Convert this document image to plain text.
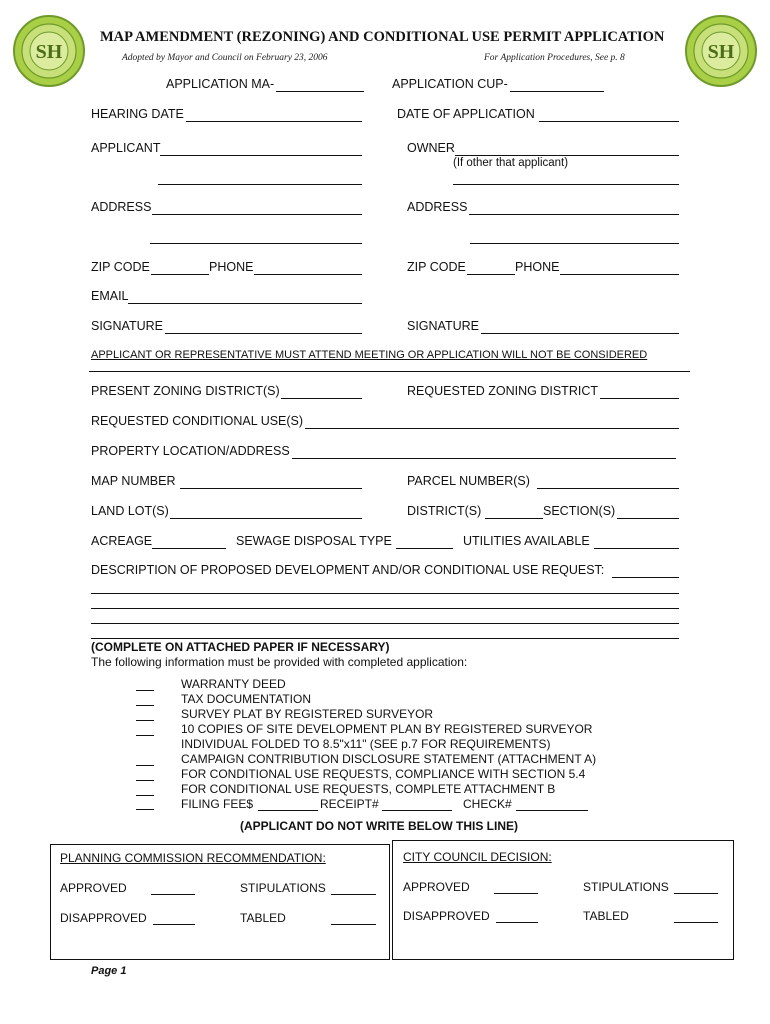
SH	SH
MAP AMENDMENT (REZONING) AND CONDITIONAL USE PERMIT APPLICATION
Adopted by Mayor and Council on February 23, 2006	For Application Procedures, See p. 8
APPLICATION MA-	APPLICATION CUP-
HEARING DATE	DATE OF APPLICATION
APPLICANT	OWNER
(If other that applicant)
ADDRESS	ADDRESS
ZIP CODE	PHONE	ZIP CODE	PHONE
EMAIL
SIGNATURE	SIGNATURE
APPLICANT OR REPRESENTATIVE MUST ATTEND MEETING OR APPLICATION WILL NOT BE CONSIDERED
PRESENT ZONING DISTRICT(S)	REQUESTED ZONING DISTRICT
REQUESTED CONDITIONAL USE(S)
PROPERTY LOCATION/ADDRESS
MAP NUMBER	PARCEL NUMBER(S)
LAND LOT(S)	DISTRICT(S)	SECTION(S)
ACREAGE	SEWAGE DISPOSAL TYPE	UTILITIES AVAILABLE
DESCRIPTION OF PROPOSED DEVELOPMENT AND/OR CONDITIONAL USE REQUEST:
(COMPLETE ON ATTACHED PAPER IF NECESSARY)
The following information must be provided with completed application:
WARRANTY DEED
TAX DOCUMENTATION
SURVEY PLAT BY REGISTERED SURVEYOR
10 COPIES OF SITE DEVELOPMENT PLAN BY REGISTERED SURVEYOR
INDIVIDUAL FOLDED TO 8.5"x11" (SEE p.7 FOR REQUIREMENTS)
CAMPAIGN CONTRIBUTION DISCLOSURE STATEMENT (ATTACHMENT A)
FOR CONDITIONAL USE REQUESTS, COMPLIANCE WITH SECTION 5.4
FOR CONDITIONAL USE REQUESTS, COMPLETE ATTACHMENT B
FILING FEE$	RECEIPT#	CHECK#
(APPLICANT DO NOT WRITE BELOW THIS LINE)
PLANNING COMMISSION RECOMMENDATION:	CITY COUNCIL DECISION:
APPROVED	STIPULATIONS	APPROVED	STIPULATIONS
DISAPPROVED	TABLED	DISAPPROVED	TABLED
Page 1
